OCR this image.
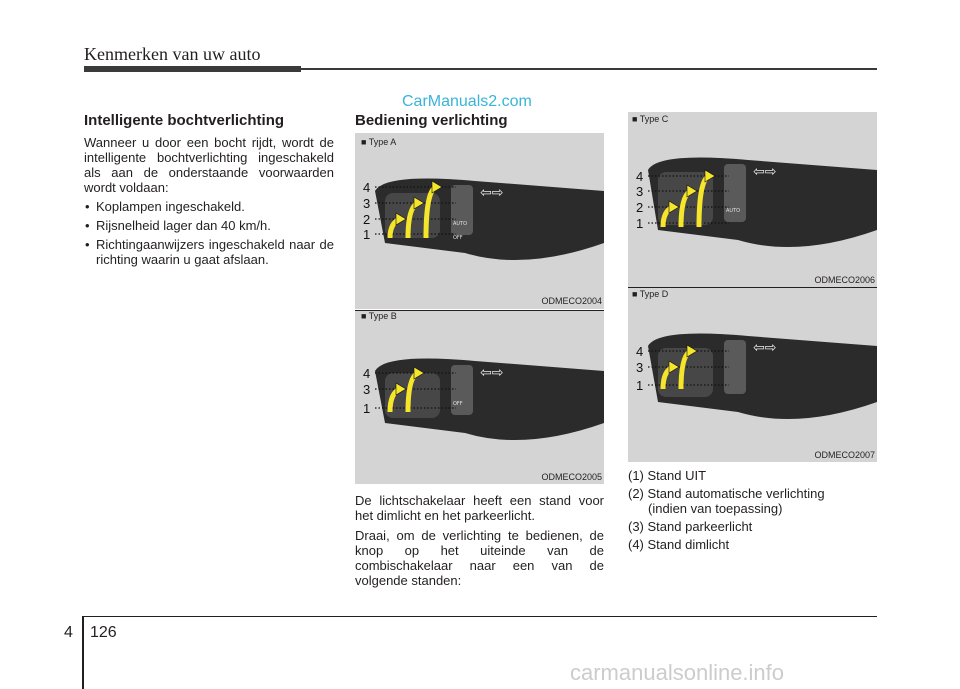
Kenmerken van uw auto
CarManuals2.com
Intelligente bochtverlichting

Wanneer u door een bocht rijdt, wordt de intelligente bochtverlichting ingeschakeld als aan de onderstaande voorwaarden wordt voldaan:

• Koplampen ingeschakeld.
• Rijsnelheid lager dan 40 km/h.
• Richtingaanwijzers ingeschakeld naar de richting waarin u gaat afslaan.
Bediening verlichting
⇦⇨
AUTO
OFF
4
3
2
1
■ Type A
ODMECO2004
⇦⇨
OFF
4
3
1
■ Type B
ODMECO2005
⇦⇨
AUTO
4
3
2
1
■ Type C
ODMECO2006
⇦⇨
4
3
1
■ Type D
ODMECO2007

De lichtschakelaar heeft een stand voor het dimlicht en het parkeerlicht.

Draai, om de verlichting te bedienen, de knop op het uiteinde van de combischakelaar naar een van de volgende standen:

(1) Stand UIT

(2) Stand automatische verlichting

(indien van toepassing)

(3) Stand parkeerlicht

(4) Stand dimlicht

4 126
carmanualsonline.info
